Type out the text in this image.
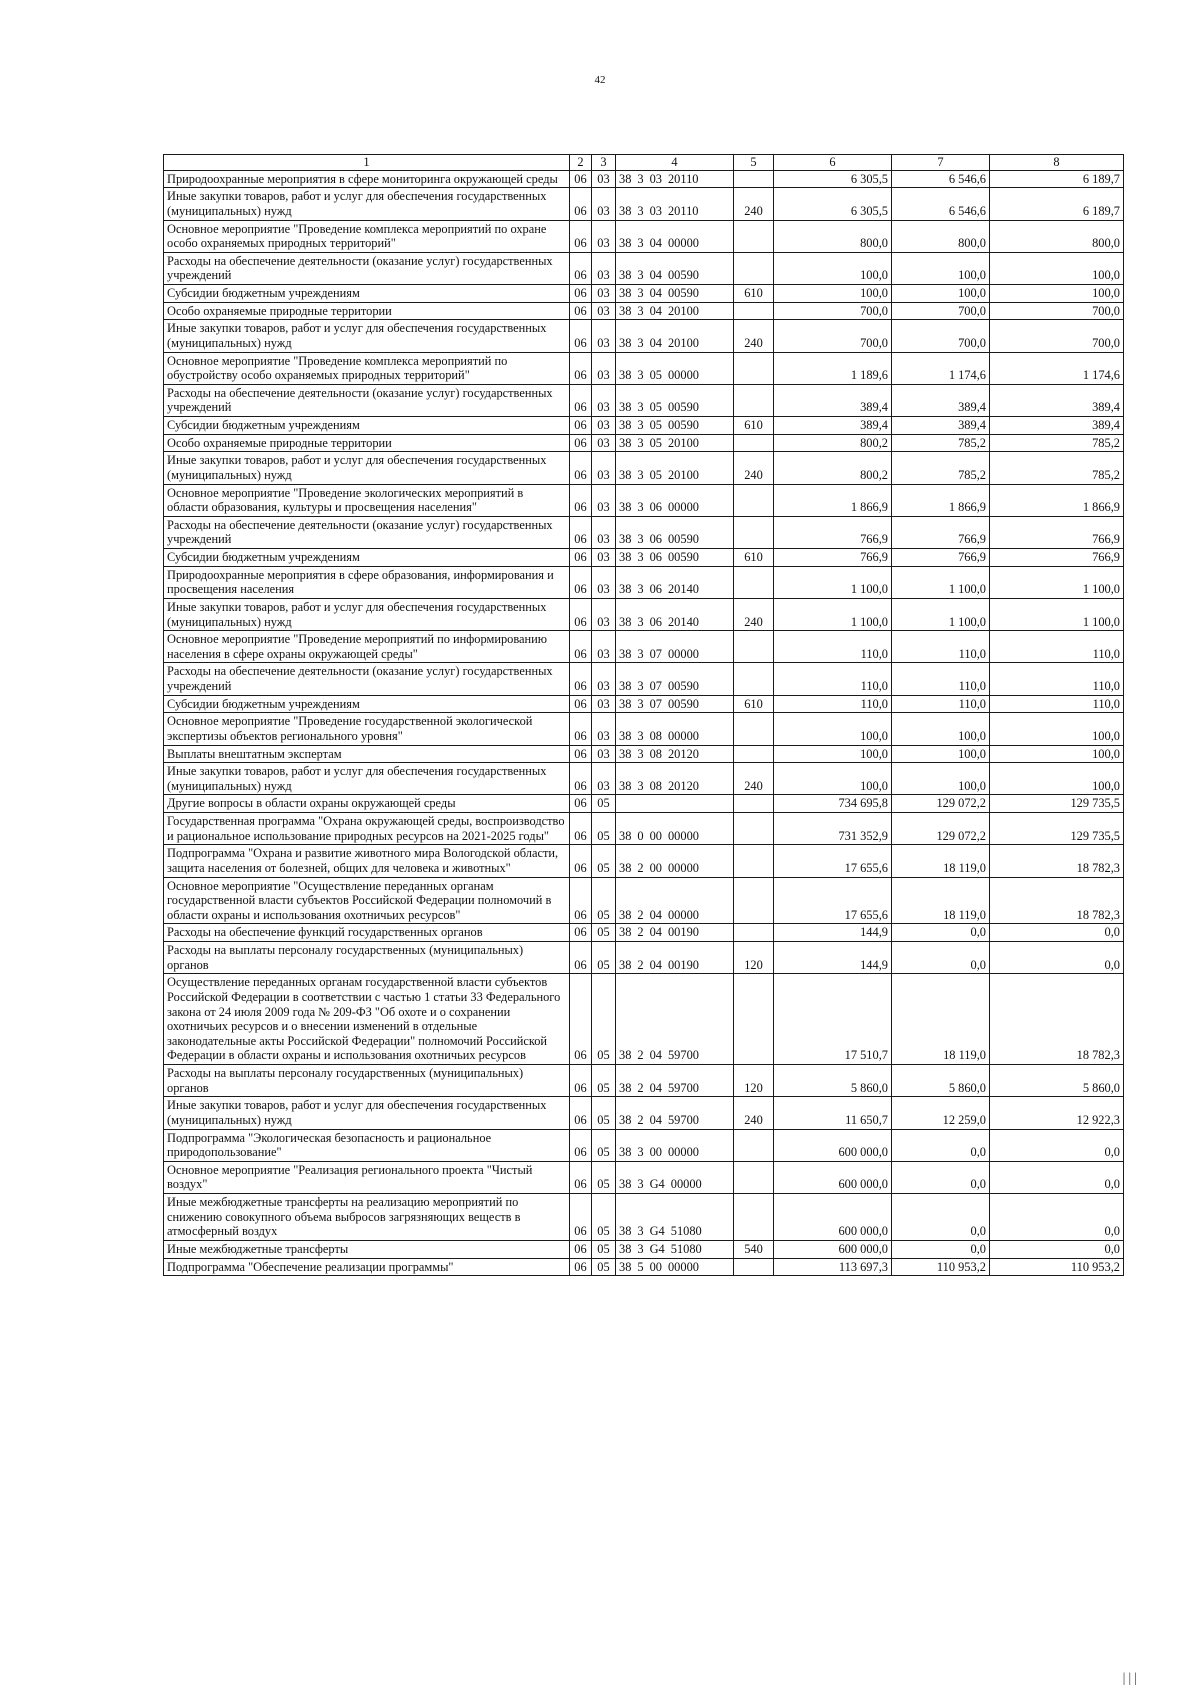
42
1	2	3	4	5	6	7	8
Природоохранные мероприятия в сфере мониторинга окружающей среды	06	03	38 3 03 20110		6 305,5	6 546,6	6 189,7
Иные закупки товаров, работ и услуг для обеспечения государственных (муниципальных) нужд	06	03	38 3 03 20110	240	6 305,5	6 546,6	6 189,7
Основное мероприятие "Проведение комплекса мероприятий по охране особо охраняемых природных территорий"	06	03	38 3 04 00000		800,0	800,0	800,0
Расходы на обеспечение деятельности (оказание услуг) государственных учреждений	06	03	38 3 04 00590		100,0	100,0	100,0
Субсидии бюджетным учреждениям	06	03	38 3 04 00590	610	100,0	100,0	100,0
Особо охраняемые природные территории	06	03	38 3 04 20100		700,0	700,0	700,0
Иные закупки товаров, работ и услуг для обеспечения государственных (муниципальных) нужд	06	03	38 3 04 20100	240	700,0	700,0	700,0
Основное мероприятие "Проведение комплекса мероприятий по обустройству особо охраняемых природных территорий"	06	03	38 3 05 00000		1 189,6	1 174,6	1 174,6
Расходы на обеспечение деятельности (оказание услуг) государственных учреждений	06	03	38 3 05 00590		389,4	389,4	389,4
Субсидии бюджетным учреждениям	06	03	38 3 05 00590	610	389,4	389,4	389,4
Особо охраняемые природные территории	06	03	38 3 05 20100		800,2	785,2	785,2
Иные закупки товаров, работ и услуг для обеспечения государственных (муниципальных) нужд	06	03	38 3 05 20100	240	800,2	785,2	785,2
Основное мероприятие "Проведение экологических мероприятий в области образования, культуры и просвещения населения"	06	03	38 3 06 00000		1 866,9	1 866,9	1 866,9
Расходы на обеспечение деятельности (оказание услуг) государственных учреждений	06	03	38 3 06 00590		766,9	766,9	766,9
Субсидии бюджетным учреждениям	06	03	38 3 06 00590	610	766,9	766,9	766,9
Природоохранные мероприятия в сфере образования, информирования и просвещения населения	06	03	38 3 06 20140		1 100,0	1 100,0	1 100,0
Иные закупки товаров, работ и услуг для обеспечения государственных (муниципальных) нужд	06	03	38 3 06 20140	240	1 100,0	1 100,0	1 100,0
Основное мероприятие "Проведение мероприятий по информированию населения в сфере охраны окружающей среды"	06	03	38 3 07 00000		110,0	110,0	110,0
Расходы на обеспечение деятельности (оказание услуг) государственных учреждений	06	03	38 3 07 00590		110,0	110,0	110,0
Субсидии бюджетным учреждениям	06	03	38 3 07 00590	610	110,0	110,0	110,0
Основное мероприятие "Проведение государственной экологической экспертизы объектов регионального уровня"	06	03	38 3 08 00000		100,0	100,0	100,0
Выплаты внештатным экспертам	06	03	38 3 08 20120		100,0	100,0	100,0
Иные закупки товаров, работ и услуг для обеспечения государственных (муниципальных) нужд	06	03	38 3 08 20120	240	100,0	100,0	100,0
Другие вопросы в области охраны окружающей среды	06	05			734 695,8	129 072,2	129 735,5
Государственная программа "Охрана окружающей среды, воспроизводство и рациональное использование природных ресурсов на 2021-2025 годы"	06	05	38 0 00 00000		731 352,9	129 072,2	129 735,5
Подпрограмма "Охрана и развитие животного мира Вологодской области, защита населения от болезней, общих для человека и животных"	06	05	38 2 00 00000		17 655,6	18 119,0	18 782,3
Основное мероприятие "Осуществление переданных органам государственной власти субъектов Российской Федерации полномочий в области охраны и использования охотничьих ресурсов"	06	05	38 2 04 00000		17 655,6	18 119,0	18 782,3
Расходы на обеспечение функций государственных органов	06	05	38 2 04 00190		144,9	0,0	0,0
Расходы на выплаты персоналу государственных (муниципальных) органов	06	05	38 2 04 00190	120	144,9	0,0	0,0
Осуществление переданных органам государственной власти субъектов Российской Федерации в соответствии с частью 1 статьи 33 Федерального закона от 24 июля 2009 года № 209-ФЗ "Об охоте и о сохранении охотничьих ресурсов и о внесении изменений в отдельные законодательные акты Российской Федерации" полномочий Российской Федерации в области охраны и использования охотничьих ресурсов	06	05	38 2 04 59700		17 510,7	18 119,0	18 782,3
Расходы на выплаты персоналу государственных (муниципальных) органов	06	05	38 2 04 59700	120	5 860,0	5 860,0	5 860,0
Иные закупки товаров, работ и услуг для обеспечения государственных (муниципальных) нужд	06	05	38 2 04 59700	240	11 650,7	12 259,0	12 922,3
Подпрограмма "Экологическая безопасность и рациональное природопользование"	06	05	38 3 00 00000		600 000,0	0,0	0,0
Основное мероприятие "Реализация регионального проекта "Чистый воздух"	06	05	38 3 G4 00000		600 000,0	0,0	0,0
Иные межбюджетные трансферты на реализацию мероприятий по снижению совокупного объема выбросов загрязняющих веществ в атмосферный воздух	06	05	38 3 G4 51080		600 000,0	0,0	0,0
Иные межбюджетные трансферты	06	05	38 3 G4 51080	540	600 000,0	0,0	0,0
Подпрограмма "Обеспечение реализации программы"	06	05	38 5 00 00000		113 697,3	110 953,2	110 953,2
|||
